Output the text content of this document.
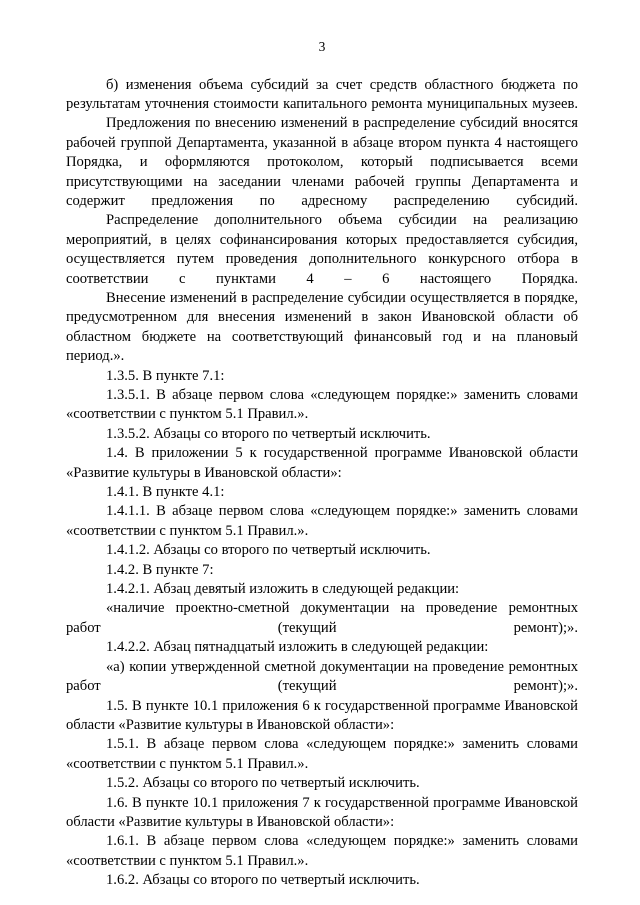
3

б) изменения объема субсидий за счет средств областного бюджета по результатам уточнения стоимости капитального ремонта муниципальных музеев.

Предложения по внесению изменений в распределение субсидий вносятся рабочей группой Департамента, указанной в абзаце втором пункта 4 настоящего Порядка, и оформляются протоколом, который подписывается всеми присутствующими на заседании членами рабочей группы Департамента и содержит предложения по адресному распределению субсидий.

Распределение дополнительного объема субсидии на реализацию мероприятий, в целях софинансирования которых предоставляется субсидия, осуществляется путем проведения дополнительного конкурсного отбора в соответствии с пунктами 4 – 6 настоящего Порядка.

Внесение изменений в распределение субсидии осуществляется в порядке, предусмотренном для внесения изменений в закон Ивановской области об областном бюджете на соответствующий финансовый год и на плановый период.».

1.3.5. В пункте 7.1:

1.3.5.1. В абзаце первом слова «следующем порядке:» заменить словами «соответствии с пунктом 5.1 Правил.».

1.3.5.2. Абзацы со второго по четвертый исключить.

1.4. В приложении 5 к государственной программе Ивановской области «Развитие культуры в Ивановской области»:

1.4.1. В пункте 4.1:

1.4.1.1. В абзаце первом слова «следующем порядке:» заменить словами «соответствии с пунктом 5.1 Правил.».

1.4.1.2. Абзацы со второго по четвертый исключить.

1.4.2. В пункте 7:

1.4.2.1. Абзац девятый изложить в следующей редакции:

«наличие проектно-сметной документации на проведение ремонтных работ (текущий ремонт);».

1.4.2.2. Абзац пятнадцатый изложить в следующей редакции:

«а) копии утвержденной сметной документации на проведение ремонтных работ (текущий ремонт);».

1.5. В пункте 10.1 приложения 6 к государственной программе Ивановской области «Развитие культуры в Ивановской области»:

1.5.1. В абзаце первом слова «следующем порядке:» заменить словами «соответствии с пунктом 5.1 Правил.».

1.5.2. Абзацы со второго по четвертый исключить.

1.6. В пункте 10.1 приложения 7 к государственной программе Ивановской области «Развитие культуры в Ивановской области»:

1.6.1. В абзаце первом слова «следующем порядке:» заменить словами «соответствии с пунктом 5.1 Правил.».

1.6.2. Абзацы со второго по четвертый исключить.
